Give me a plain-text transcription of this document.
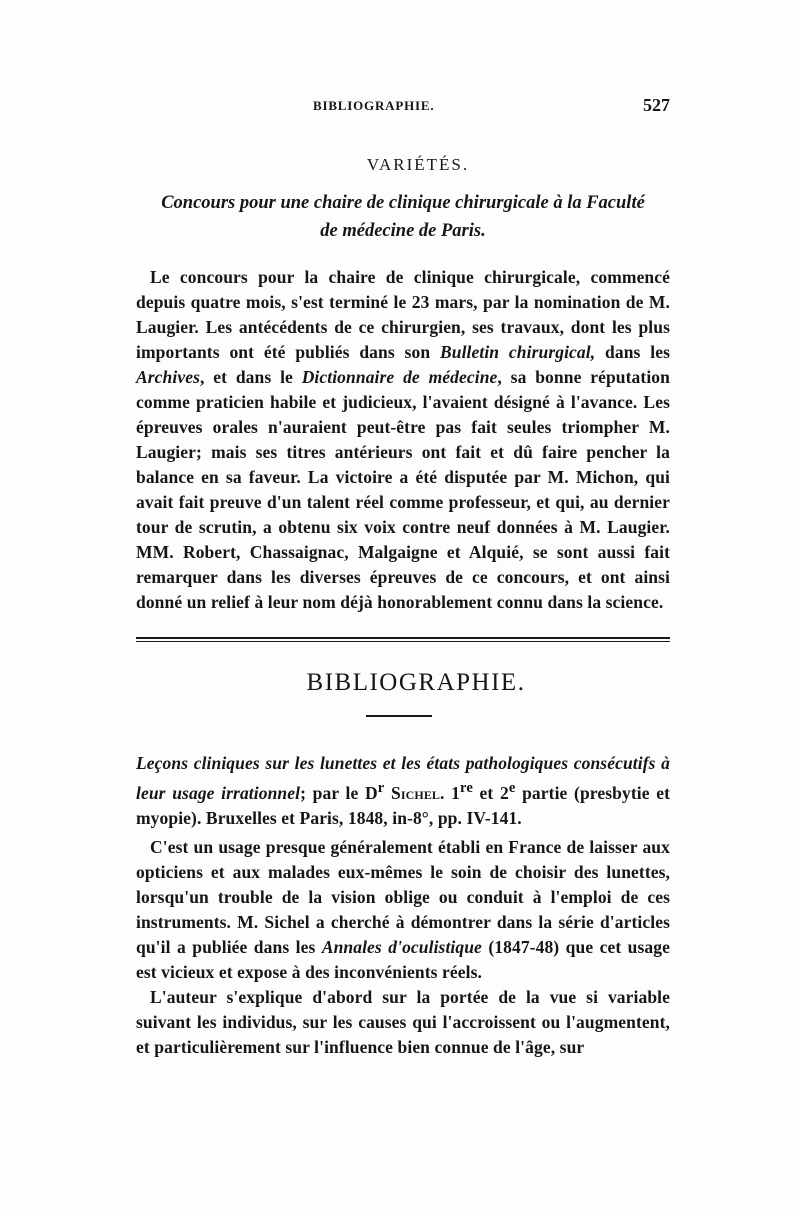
BIBLIOGRAPHIE.	527
VARIÉTÉS.
Concours pour une chaire de clinique chirurgicale à la Faculté
de médecine de Paris.

Le concours pour la chaire de clinique chirurgicale, commencé depuis quatre mois, s'est terminé le 23 mars, par la nomination de M. Laugier. Les antécédents de ce chirurgien, ses travaux, dont les plus importants ont été publiés dans son Bulletin chirurgical, dans les Archives, et dans le Dictionnaire de médecine, sa bonne réputation comme praticien habile et judicieux, l'avaient désigné à l'avance. Les épreuves orales n'auraient peut-être pas fait seules triompher M. Laugier; mais ses titres antérieurs ont fait et dû faire pencher la balance en sa faveur. La victoire a été disputée par M. Michon, qui avait fait preuve d'un talent réel comme professeur, et qui, au dernier tour de scrutin, a obtenu six voix contre neuf données à M. Laugier. MM. Robert, Chassaignac, Malgaigne et Alquié, se sont aussi fait remarquer dans les diverses épreuves de ce concours, et ont ainsi donné un relief à leur nom déjà honorablement connu dans la science.

BIBLIOGRAPHIE.

Leçons cliniques sur les lunettes et les états pathologiques consécutifs à leur usage irrationnel; par le $D^r$ Sichel. 1re et 2e partie (presbytie et myopie). Bruxelles et Paris, 1848, in-8°, pp. IV-141.

C'est un usage presque généralement établi en France de laisser aux opticiens et aux malades eux-mêmes le soin de choisir des lunettes, lorsqu'un trouble de la vision oblige ou conduit à l'emploi de ces instruments. M. Sichel a cherché à démontrer dans la série d'articles qu'il a publiée dans les Annales d'oculistique (1847-48) que cet usage est vicieux et expose à des inconvénients réels.

L'auteur s'explique d'abord sur la portée de la vue si variable suivant les individus, sur les causes qui l'accroissent ou l'augmentent, et particulièrement sur l'influence bien connue de l'âge, sur
